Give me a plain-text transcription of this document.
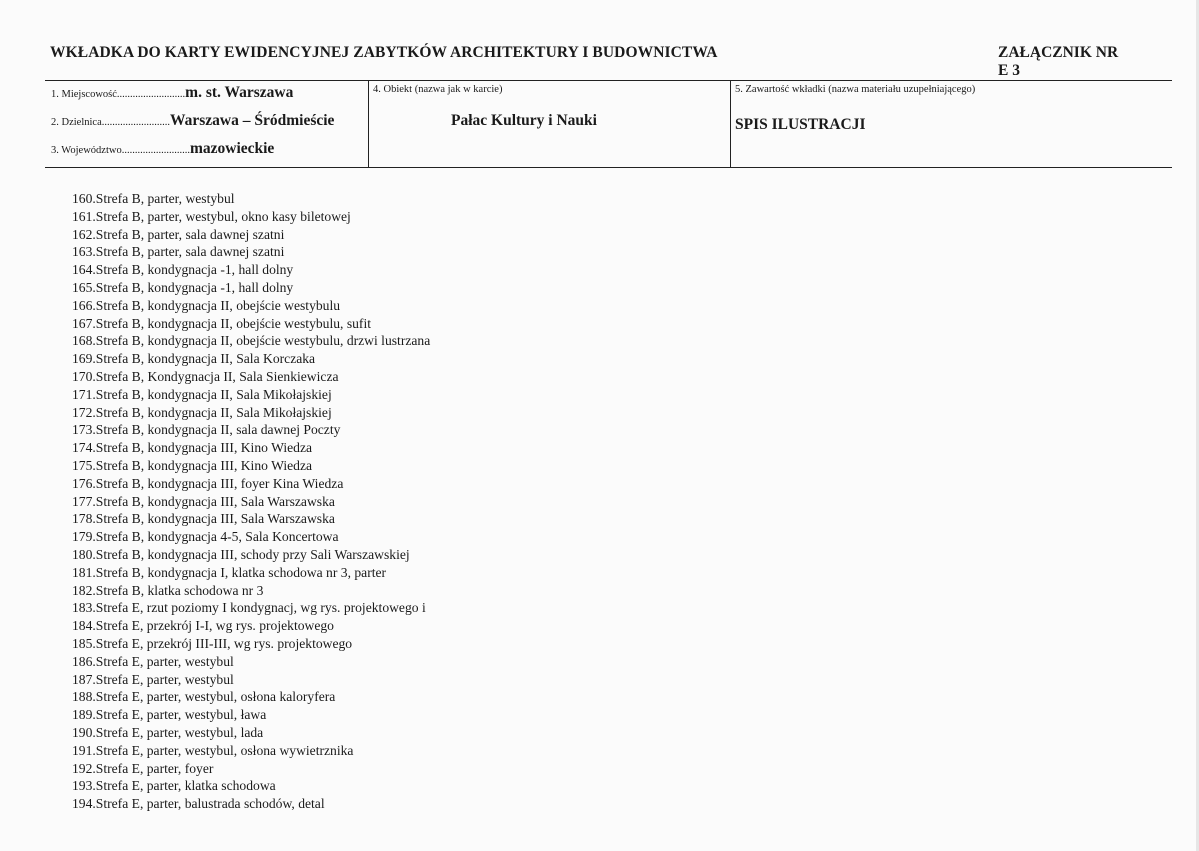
WKŁADKA DO KARTY EWIDENCYJNEJ ZABYTKÓW ARCHITEKTURY I BUDOWNICTWA	ZAŁĄCZNIK NR

E 3
1. Miejscowość..........................m. st. Warszawa
2. Dzielnica..........................Warszawa – Śródmieście
3. Województwo..........................mazowieckie
4. Obiekt (nazwa jak w karcie)
Pałac Kultury i Nauki
5. Zawartość wkładki (nazwa materiału uzupełniającego)
SPIS ILUSTRACJI
160.Strefa B, parter, westybul
161.Strefa B, parter, westybul, okno kasy biletowej
162.Strefa B, parter, sala dawnej szatni
163.Strefa B, parter, sala dawnej szatni
164.Strefa B, kondygnacja -1, hall dolny
165.Strefa B, kondygnacja -1, hall dolny
166.Strefa B, kondygnacja II, obejście westybulu
167.Strefa B, kondygnacja II, obejście westybulu, sufit
168.Strefa B, kondygnacja II, obejście westybulu, drzwi lustrzana
169.Strefa B, kondygnacja II, Sala Korczaka
170.Strefa B, Kondygnacja II, Sala Sienkiewicza
171.Strefa B, kondygnacja II, Sala Mikołajskiej
172.Strefa B, kondygnacja II, Sala Mikołajskiej
173.Strefa B, kondygnacja II, sala dawnej Poczty
174.Strefa B, kondygnacja III, Kino Wiedza
175.Strefa B, kondygnacja III, Kino Wiedza
176.Strefa B, kondygnacja III, foyer Kina Wiedza
177.Strefa B, kondygnacja III, Sala Warszawska
178.Strefa B, kondygnacja III, Sala Warszawska
179.Strefa B, kondygnacja 4-5, Sala Koncertowa
180.Strefa B, kondygnacja III, schody przy Sali Warszawskiej
181.Strefa B, kondygnacja I, klatka schodowa nr 3, parter
182.Strefa B, klatka schodowa nr 3
183.Strefa E, rzut poziomy I kondygnacj, wg rys. projektowego i
184.Strefa E, przekrój I-I, wg rys. projektowego
185.Strefa E, przekrój III-III, wg rys. projektowego
186.Strefa E, parter, westybul
187.Strefa E, parter, westybul
188.Strefa E, parter, westybul, osłona kaloryfera
189.Strefa E, parter, westybul, ława
190.Strefa E, parter, westybul, lada
191.Strefa E, parter, westybul, osłona wywietrznika
192.Strefa E, parter, foyer
193.Strefa E, parter, klatka schodowa
194.Strefa E, parter, balustrada schodów, detal
